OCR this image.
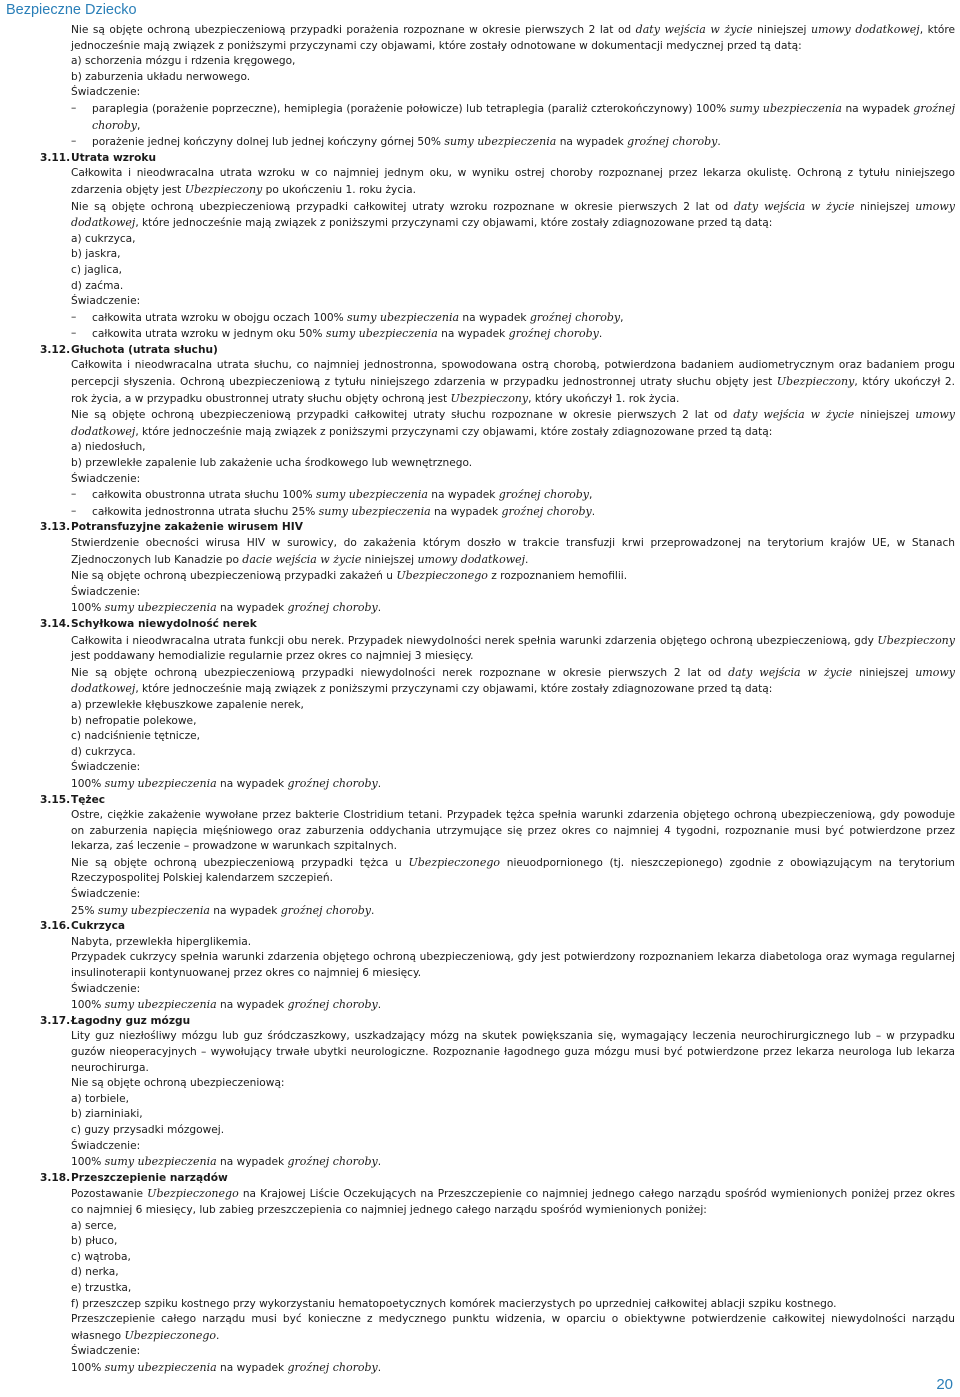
Bezpieczne Dziecko
Nie są objęte ochroną ubezpieczeniową przypadki porażenia rozpoznane w okresie pierwszych 2 lat od daty wejścia w życie niniejszej umowy dodatkowej, które jednocześnie mają związek z poniższymi przyczynami czy objawami, które zostały odnotowane w dokumentacji medycznej przed tą datą:
a) schorzenia mózgu i rdzenia kręgowego,
b) zaburzenia układu nerwowego.
Świadczenie:
– paraplegia (porażenie poprzeczne), hemiplegia (porażenie połowicze) lub tetraplegia (paraliż czterokończynowy) 100% sumy ubezpieczenia na wypadek groźnej choroby,
– porażenie jednej kończyny dolnej lub jednej kończyny górnej 50% sumy ubezpieczenia na wypadek groźnej choroby.
3.11. Utrata wzroku
Całkowita i nieodwracalna utrata wzroku w co najmniej jednym oku, w wyniku ostrej choroby rozpoznanej przez lekarza okulistę. Ochroną z tytułu niniejszego zdarzenia objęty jest Ubezpieczony po ukończeniu 1. roku życia.
Nie są objęte ochroną ubezpieczeniową przypadki całkowitej utraty wzroku rozpoznane w okresie pierwszych 2 lat od daty wejścia w życie niniejszej umowy dodatkowej, które jednocześnie mają związek z poniższymi przyczynami czy objawami, które zostały zdiagnozowane przed tą datą:
a) cukrzyca,
b) jaskra,
c) jaglica,
d) zaćma.
Świadczenie:
– całkowita utrata wzroku w obojgu oczach 100% sumy ubezpieczenia na wypadek groźnej choroby,
– całkowita utrata wzroku w jednym oku 50% sumy ubezpieczenia na wypadek groźnej choroby.
3.12. Głuchota (utrata słuchu)
Całkowita i nieodwracalna utrata słuchu, co najmniej jednostronna, spowodowana ostrą chorobą, potwierdzona badaniem audiometrycznym oraz badaniem progu percepcji słyszenia. Ochroną ubezpieczeniową z tytułu niniejszego zdarzenia w przypadku jednostronnej utraty słuchu objęty jest Ubezpieczony, który ukończył 2. rok życia, a w przypadku obustronnej utraty słuchu objęty ochroną jest Ubezpieczony, który ukończył 1. rok życia.
Nie są objęte ochroną ubezpieczeniową przypadki całkowitej utraty słuchu rozpoznane w okresie pierwszych 2 lat od daty wejścia w życie niniejszej umowy dodatkowej, które jednocześnie mają związek z poniższymi przyczynami czy objawami, które zostały zdiagnozowane przed tą datą:
a) niedosłuch,
b) przewlekłe zapalenie lub zakażenie ucha środkowego lub wewnętrznego.
Świadczenie:
– całkowita obustronna utrata słuchu 100% sumy ubezpieczenia na wypadek groźnej choroby,
– całkowita jednostronna utrata słuchu 25% sumy ubezpieczenia na wypadek groźnej choroby.
3.13. Potransfuzyjne zakażenie wirusem HIV
Stwierdzenie obecności wirusa HIV w surowicy, do zakażenia którym doszło w trakcie transfuzji krwi przeprowadzonej na terytorium krajów UE, w Stanach Zjednoczonych lub Kanadzie po dacie wejścia w życie niniejszej umowy dodatkowej.
Nie są objęte ochroną ubezpieczeniową przypadki zakażeń u Ubezpieczonego z rozpoznaniem hemofilii.
Świadczenie:
100% sumy ubezpieczenia na wypadek groźnej choroby.
3.14. Schyłkowa niewydolność nerek
Całkowita i nieodwracalna utrata funkcji obu nerek. Przypadek niewydolności nerek spełnia warunki zdarzenia objętego ochroną ubezpieczeniową, gdy Ubezpieczony jest poddawany hemodializie regularnie przez okres co najmniej 3 miesięcy.
Nie są objęte ochroną ubezpieczeniową przypadki niewydolności nerek rozpoznane w okresie pierwszych 2 lat od daty wejścia w życie niniejszej umowy dodatkowej, które jednocześnie mają związek z poniższymi przyczynami czy objawami, które zostały zdiagnozowane przed tą datą:
a) przewlekłe kłębuszkowe zapalenie nerek,
b) nefropatie polekowe,
c) nadciśnienie tętnicze,
d) cukrzyca.
Świadczenie:
100% sumy ubezpieczenia na wypadek groźnej choroby.
3.15. Tężec
Ostre, ciężkie zakażenie wywołane przez bakterie Clostridium tetani. Przypadek tężca spełnia warunki zdarzenia objętego ochroną ubezpieczeniową, gdy powoduje on zaburzenia napięcia mięśniowego oraz zaburzenia oddychania utrzymujące się przez okres co najmniej 4 tygodni, rozpoznanie musi być potwierdzone przez lekarza, zaś leczenie – prowadzone w warunkach szpitalnych.
Nie są objęte ochroną ubezpieczeniową przypadki tężca u Ubezpieczonego nieuodpornionego (tj. nieszczepionego) zgodnie z obowiązującym na terytorium Rzeczypospolitej Polskiej kalendarzem szczepień.
Świadczenie:
25% sumy ubezpieczenia na wypadek groźnej choroby.
3.16. Cukrzyca
Nabyta, przewlekła hiperglikemia.
Przypadek cukrzycy spełnia warunki zdarzenia objętego ochroną ubezpieczeniową, gdy jest potwierdzony rozpoznaniem lekarza diabetologa oraz wymaga regularnej insulinoterapii kontynuowanej przez okres co najmniej 6 miesięcy.
Świadczenie:
100% sumy ubezpieczenia na wypadek groźnej choroby.
3.17. Łagodny guz mózgu
Lity guz niezłośliwy mózgu lub guz śródczaszkowy, uszkadzający mózg na skutek powiększania się, wymagający leczenia neurochirurgicznego lub – w przypadku guzów nieoperacyjnych – wywołujący trwałe ubytki neurologiczne. Rozpoznanie łagodnego guza mózgu musi być potwierdzone przez lekarza neurologa lub lekarza neurochirurga.
Nie są objęte ochroną ubezpieczeniową:
a) torbiele,
b) ziarniniaki,
c) guzy przysadki mózgowej.
Świadczenie:
100% sumy ubezpieczenia na wypadek groźnej choroby.
3.18. Przeszczepienie narządów
Pozostawanie Ubezpieczonego na Krajowej Liście Oczekujących na Przeszczepienie co najmniej jednego całego narządu spośród wymienionych poniżej przez okres co najmniej 6 miesięcy, lub zabieg przeszczepienia co najmniej jednego całego narządu spośród wymienionych poniżej:
a) serce,
b) płuco,
c) wątroba,
d) nerka,
e) trzustka,
f) przeszczep szpiku kostnego przy wykorzystaniu hematopoetycznych komórek macierzystych po uprzedniej całkowitej ablacji szpiku kostnego.
Przeszczepienie całego narządu musi być konieczne z medycznego punktu widzenia, w oparciu o obiektywne potwierdzenie całkowitej niewydolności narządu własnego Ubezpieczonego.
Świadczenie:
100% sumy ubezpieczenia na wypadek groźnej choroby.
20
